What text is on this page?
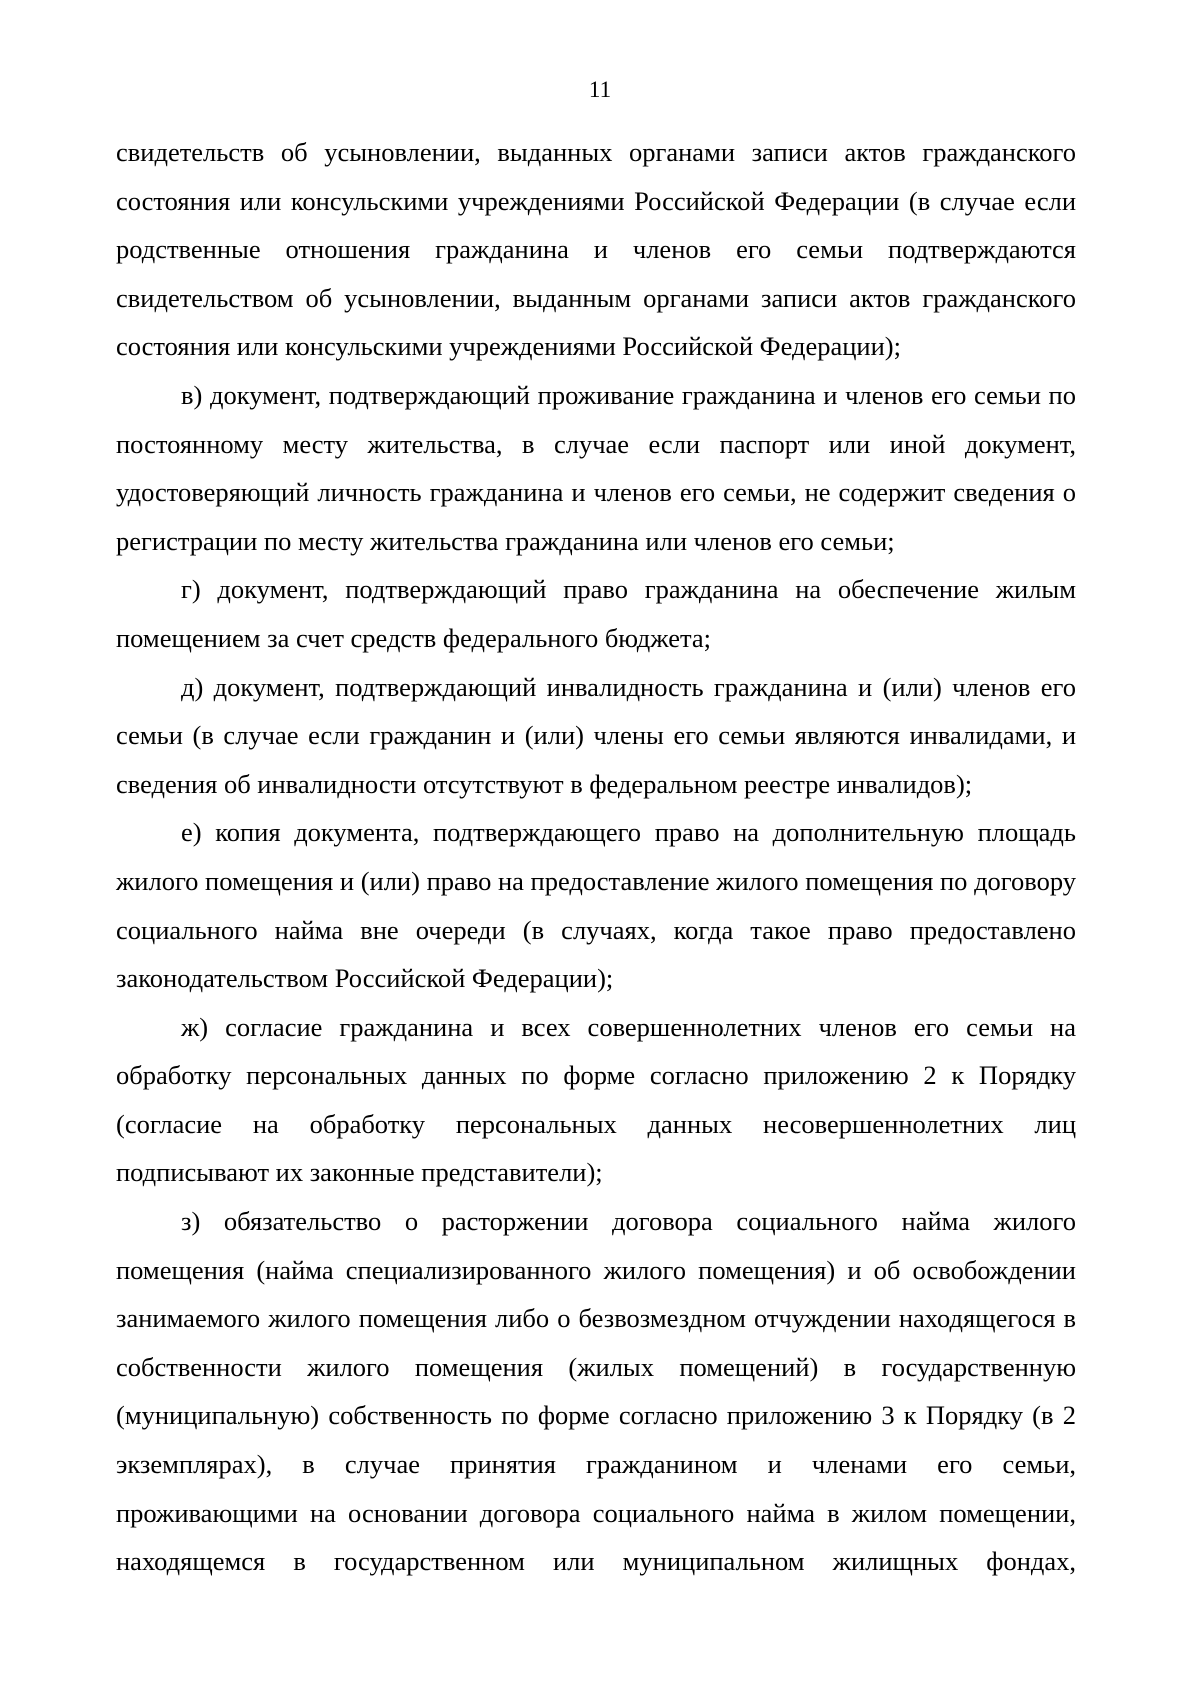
11

свидетельств об усыновлении, выданных органами записи актов гражданского состояния или консульскими учреждениями Российской Федерации (в случае если родственные отношения гражданина и членов его семьи подтверждаются свидетельством об усыновлении, выданным органами записи актов гражданского состояния или консульскими учреждениями Российской Федерации);

в) документ, подтверждающий проживание гражданина и членов его семьи по постоянному месту жительства, в случае если паспорт или иной документ, удостоверяющий личность гражданина и членов его семьи, не содержит сведения о регистрации по месту жительства гражданина или членов его семьи;

г) документ, подтверждающий право гражданина на обеспечение жилым помещением за счет средств федерального бюджета;

д) документ, подтверждающий инвалидность гражданина и (или) членов его семьи (в случае если гражданин и (или) члены его семьи являются инвалидами, и сведения об инвалидности отсутствуют в федеральном реестре инвалидов);

е) копия документа, подтверждающего право на дополнительную площадь жилого помещения и (или) право на предоставление жилого помещения по договору социального найма вне очереди (в случаях, когда такое право предоставлено законодательством Российской Федерации);

ж) согласие гражданина и всех совершеннолетних членов его семьи на обработку персональных данных по форме согласно приложению 2 к Порядку (согласие на обработку персональных данных несовершеннолетних лиц подписывают их законные представители);

з) обязательство о расторжении договора социального найма жилого помещения (найма специализированного жилого помещения) и об освобождении занимаемого жилого помещения либо о безвозмездном отчуждении находящегося в собственности жилого помещения (жилых помещений) в государственную (муниципальную) собственность по форме согласно приложению 3 к Порядку (в 2 экземплярах), в случае принятия гражданином и членами его семьи, проживающими на основании договора социального найма в жилом помещении, находящемся в государственном или муниципальном жилищных фондах,
